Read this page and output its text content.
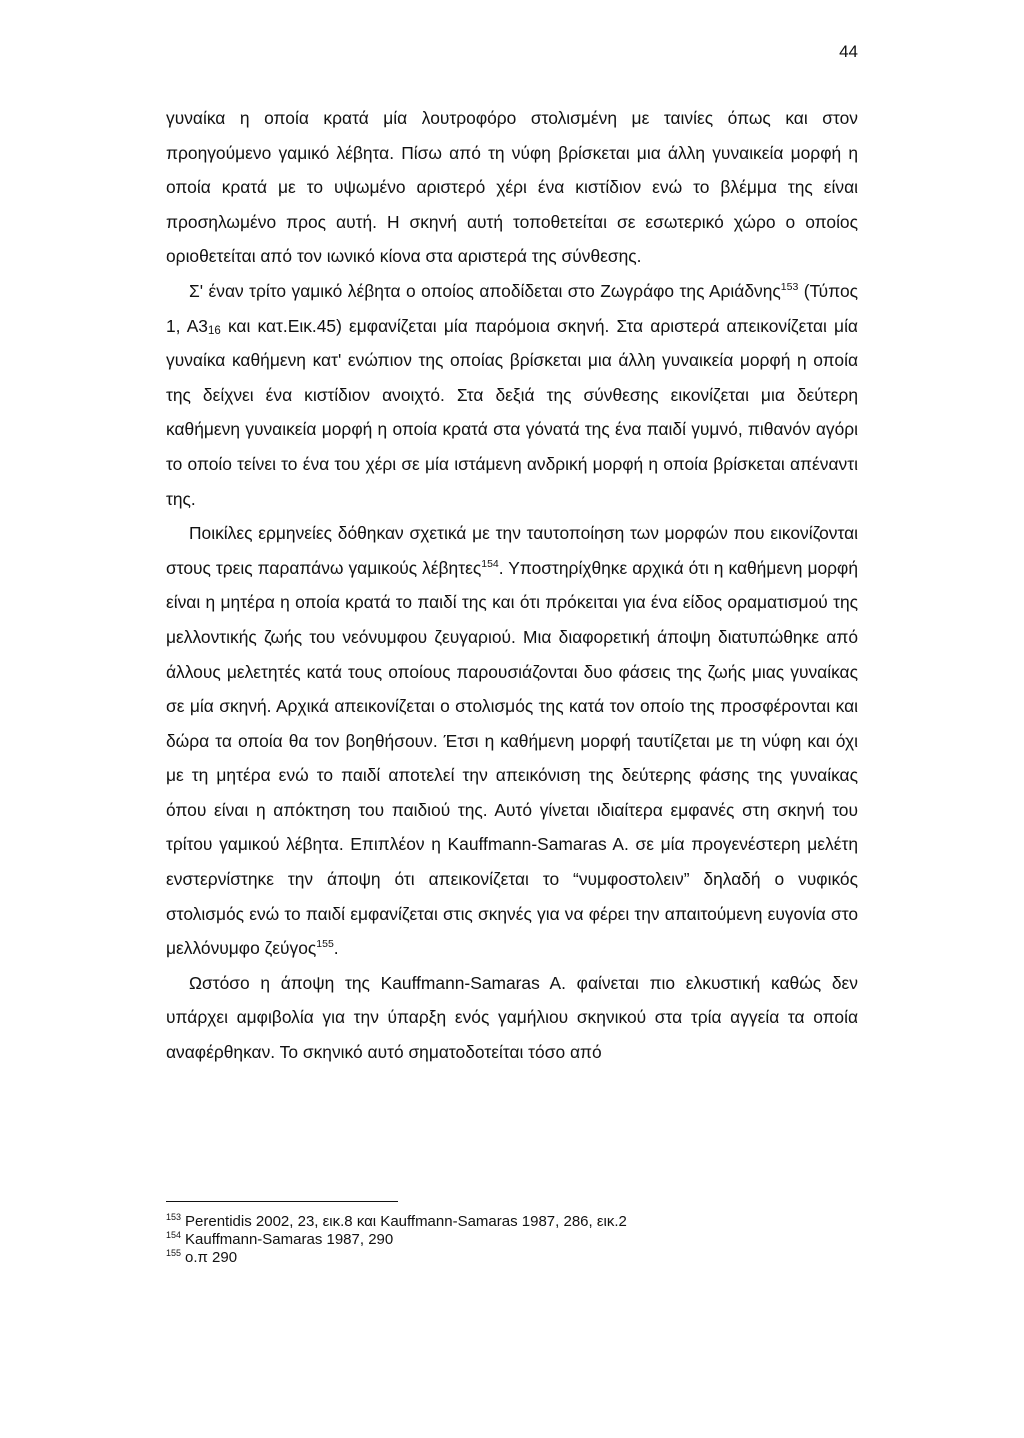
44

γυναίκα η οποία κρατά μία λουτροφόρο στολισμένη με ταινίες όπως και στον προηγούμενο γαμικό λέβητα. Πίσω από τη νύφη βρίσκεται μια άλλη γυναικεία μορφή η οποία κρατά με το υψωμένο αριστερό χέρι ένα κιστίδιον ενώ το βλέμμα της είναι προσηλωμένο προς αυτή. Η σκηνή αυτή τοποθετείται σε εσωτερικό χώρο ο οποίος οριοθετείται από τον ιωνικό κίονα στα αριστερά της σύνθεσης.

Σ' έναν τρίτο γαμικό λέβητα ο οποίος αποδίδεται στο Ζωγράφο της Αριάδνης$^{153}$ (Τύπος 1, $A3_{16}$ και κατ.Εικ.45) εμφανίζεται μία παρόμοια σκηνή. Στα αριστερά απεικονίζεται μία γυναίκα καθήμενη κατ' ενώπιον της οποίας βρίσκεται μια άλλη γυναικεία μορφή η οποία της δείχνει ένα κιστίδιον ανοιχτό. Στα δεξιά της σύνθεσης εικονίζεται μια δεύτερη καθήμενη γυναικεία μορφή η οποία κρατά στα γόνατά της ένα παιδί γυμνό, πιθανόν αγόρι το οποίο τείνει το ένα του χέρι σε μία ιστάμενη ανδρική μορφή η οποία βρίσκεται απέναντι της.

Ποικίλες ερμηνείες δόθηκαν σχετικά με την ταυτοποίηση των μορφών που εικονίζονται στους τρεις παραπάνω γαμικούς λέβητες$^{154}$. Υποστηρίχθηκε αρχικά ότι η καθήμενη μορφή είναι η μητέρα η οποία κρατά το παιδί της και ότι πρόκειται για ένα είδος οραματισμού της μελλοντικής ζωής του νεόνυμφου ζευγαριού. Μια διαφορετική άποψη διατυπώθηκε από άλλους μελετητές κατά τους οποίους παρουσιάζονται δυο φάσεις της ζωής μιας γυναίκας σε μία σκηνή. Αρχικά απεικονίζεται ο στολισμός της κατά τον οποίο της προσφέρονται και δώρα τα οποία θα τον βοηθήσουν. Έτσι η καθήμενη μορφή ταυτίζεται με τη νύφη και όχι με τη μητέρα ενώ το παιδί αποτελεί την απεικόνιση της δεύτερης φάσης της γυναίκας όπου είναι η απόκτηση του παιδιού της. Αυτό γίνεται ιδιαίτερα εμφανές στη σκηνή του τρίτου γαμικού λέβητα. Επιπλέον η Kauffmann-Samaras A. σε μία προγενέστερη μελέτη ενστερνίστηκε την άποψη ότι απεικονίζεται το “νυμφοστολειν” δηλαδή ο νυφικός στολισμός ενώ το παιδί εμφανίζεται στις σκηνές για να φέρει την απαιτούμενη ευγονία στο μελλόνυμφο ζεύγος$^{155}$.

Ωστόσο η άποψη της Kauffmann-Samaras A. φαίνεται πιο ελκυστική καθώς δεν υπάρχει αμφιβολία για την ύπαρξη ενός γαμήλιου σκηνικού στα τρία αγγεία τα οποία αναφέρθηκαν. Το σκηνικό αυτό σηματοδοτείται τόσο από

$^{153}$ Perentidis 2002, 23, εικ.8 και Kauffmann-Samaras 1987, 286, εικ.2

$^{154}$ Kauffmann-Samaras 1987, 290

$^{155}$ ο.π 290
